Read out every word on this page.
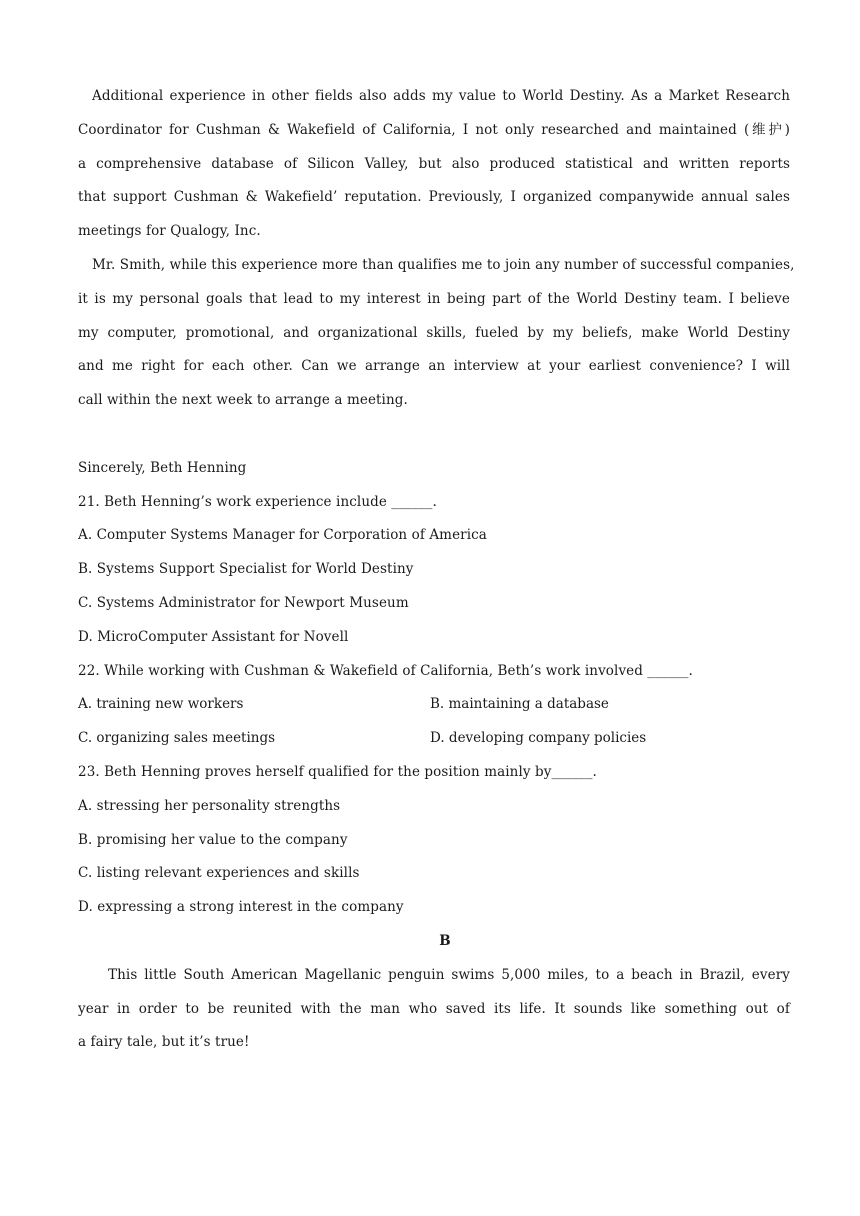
Additional experience in other fields also adds my value to World Destiny. As a Market Research
Coordinator for Cushman & Wakefield of California, I not only researched and maintained (维护)
a comprehensive database of Silicon Valley, but also produced statistical and written reports
that support Cushman & Wakefield’ reputation. Previously, I organized companywide annual sales
meetings for Qualogy, Inc.
Mr. Smith, while this experience more than qualifies me to join any number of successful companies,
it is my personal goals that lead to my interest in being part of the World Destiny team. I believe
my computer, promotional, and organizational skills, fueled by my beliefs, make World Destiny
and me right for each other. Can we arrange an interview at your earliest convenience? I will
call within the next week to arrange a meeting.
Sincerely, Beth Henning
21. Beth Henning’s work experience include ______.
A. Computer Systems Manager for Corporation of America
B. Systems Support Specialist for World Destiny
C. Systems Administrator for Newport Museum
D. MicroComputer Assistant for Novell
22. While working with Cushman & Wakefield of California, Beth’s work involved ______.
A. training new workers	B. maintaining a database
C. organizing sales meetings	D. developing company policies
23. Beth Henning proves herself qualified for the position mainly by______.
A. stressing her personality strengths
B. promising her value to the company
C. listing relevant experiences and skills
D. expressing a strong interest in the company
B
This little South American Magellanic penguin swims 5,000 miles, to a beach in Brazil, every
year in order to be reunited with the man who saved its life. It sounds like something out of
a fairy tale, but it’s true!
